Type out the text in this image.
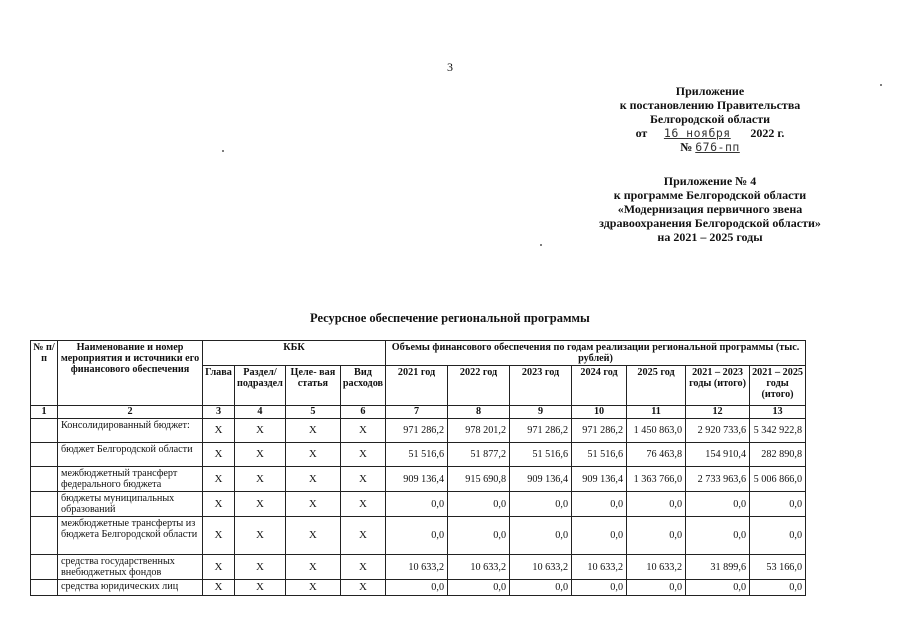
3
Приложение
к постановлению Правительства
Белгородской области
от 16 ноября 2022 г.
№ 676-пп
Приложение № 4
к программе Белгородской области
«Модернизация первичного звена
здравоохранения Белгородской области»
на 2021 – 2025 годы
Ресурсное обеспечение региональной программы
№ п/п	Наименование и номер мероприятия и источники его финансового обеспечения	КБК				Объемы финансового обеспечения по годам реализации региональной программы (тыс. рублей)						
		Глава	Раздел/ подраздел	Целе- вая статья	Вид расходов	2021 год	2022 год	2023 год	2024 год	2025 год	2021 – 2023 годы (итого)	2021 – 2025 годы (итого)
1	2	3	4	5	6	7	8	9	10	11	12	13
	Консолидированный бюджет:	Х	Х	Х	Х	971 286,2	978 201,2	971 286,2	971 286,2	1 450 863,0	2 920 733,6	5 342 922,8
	бюджет Белгородской области	Х	Х	Х	Х	51 516,6	51 877,2	51 516,6	51 516,6	76 463,8	154 910,4	282 890,8
	межбюджетный трансферт федерального бюджета	Х	Х	Х	Х	909 136,4	915 690,8	909 136,4	909 136,4	1 363 766,0	2 733 963,6	5 006 866,0
	бюджеты муниципальных образований	Х	Х	Х	Х	0,0	0,0	0,0	0,0	0,0	0,0	0,0
	межбюджетные трансферты из бюджета Белгородской области	Х	Х	Х	Х	0,0	0,0	0,0	0,0	0,0	0,0	0,0
	средства государственных внебюджетных фондов	Х	Х	Х	Х	10 633,2	10 633,2	10 633,2	10 633,2	10 633,2	31 899,6	53 166,0
	средства юридических лиц	Х	Х	Х	Х	0,0	0,0	0,0	0,0	0,0	0,0	0,0
